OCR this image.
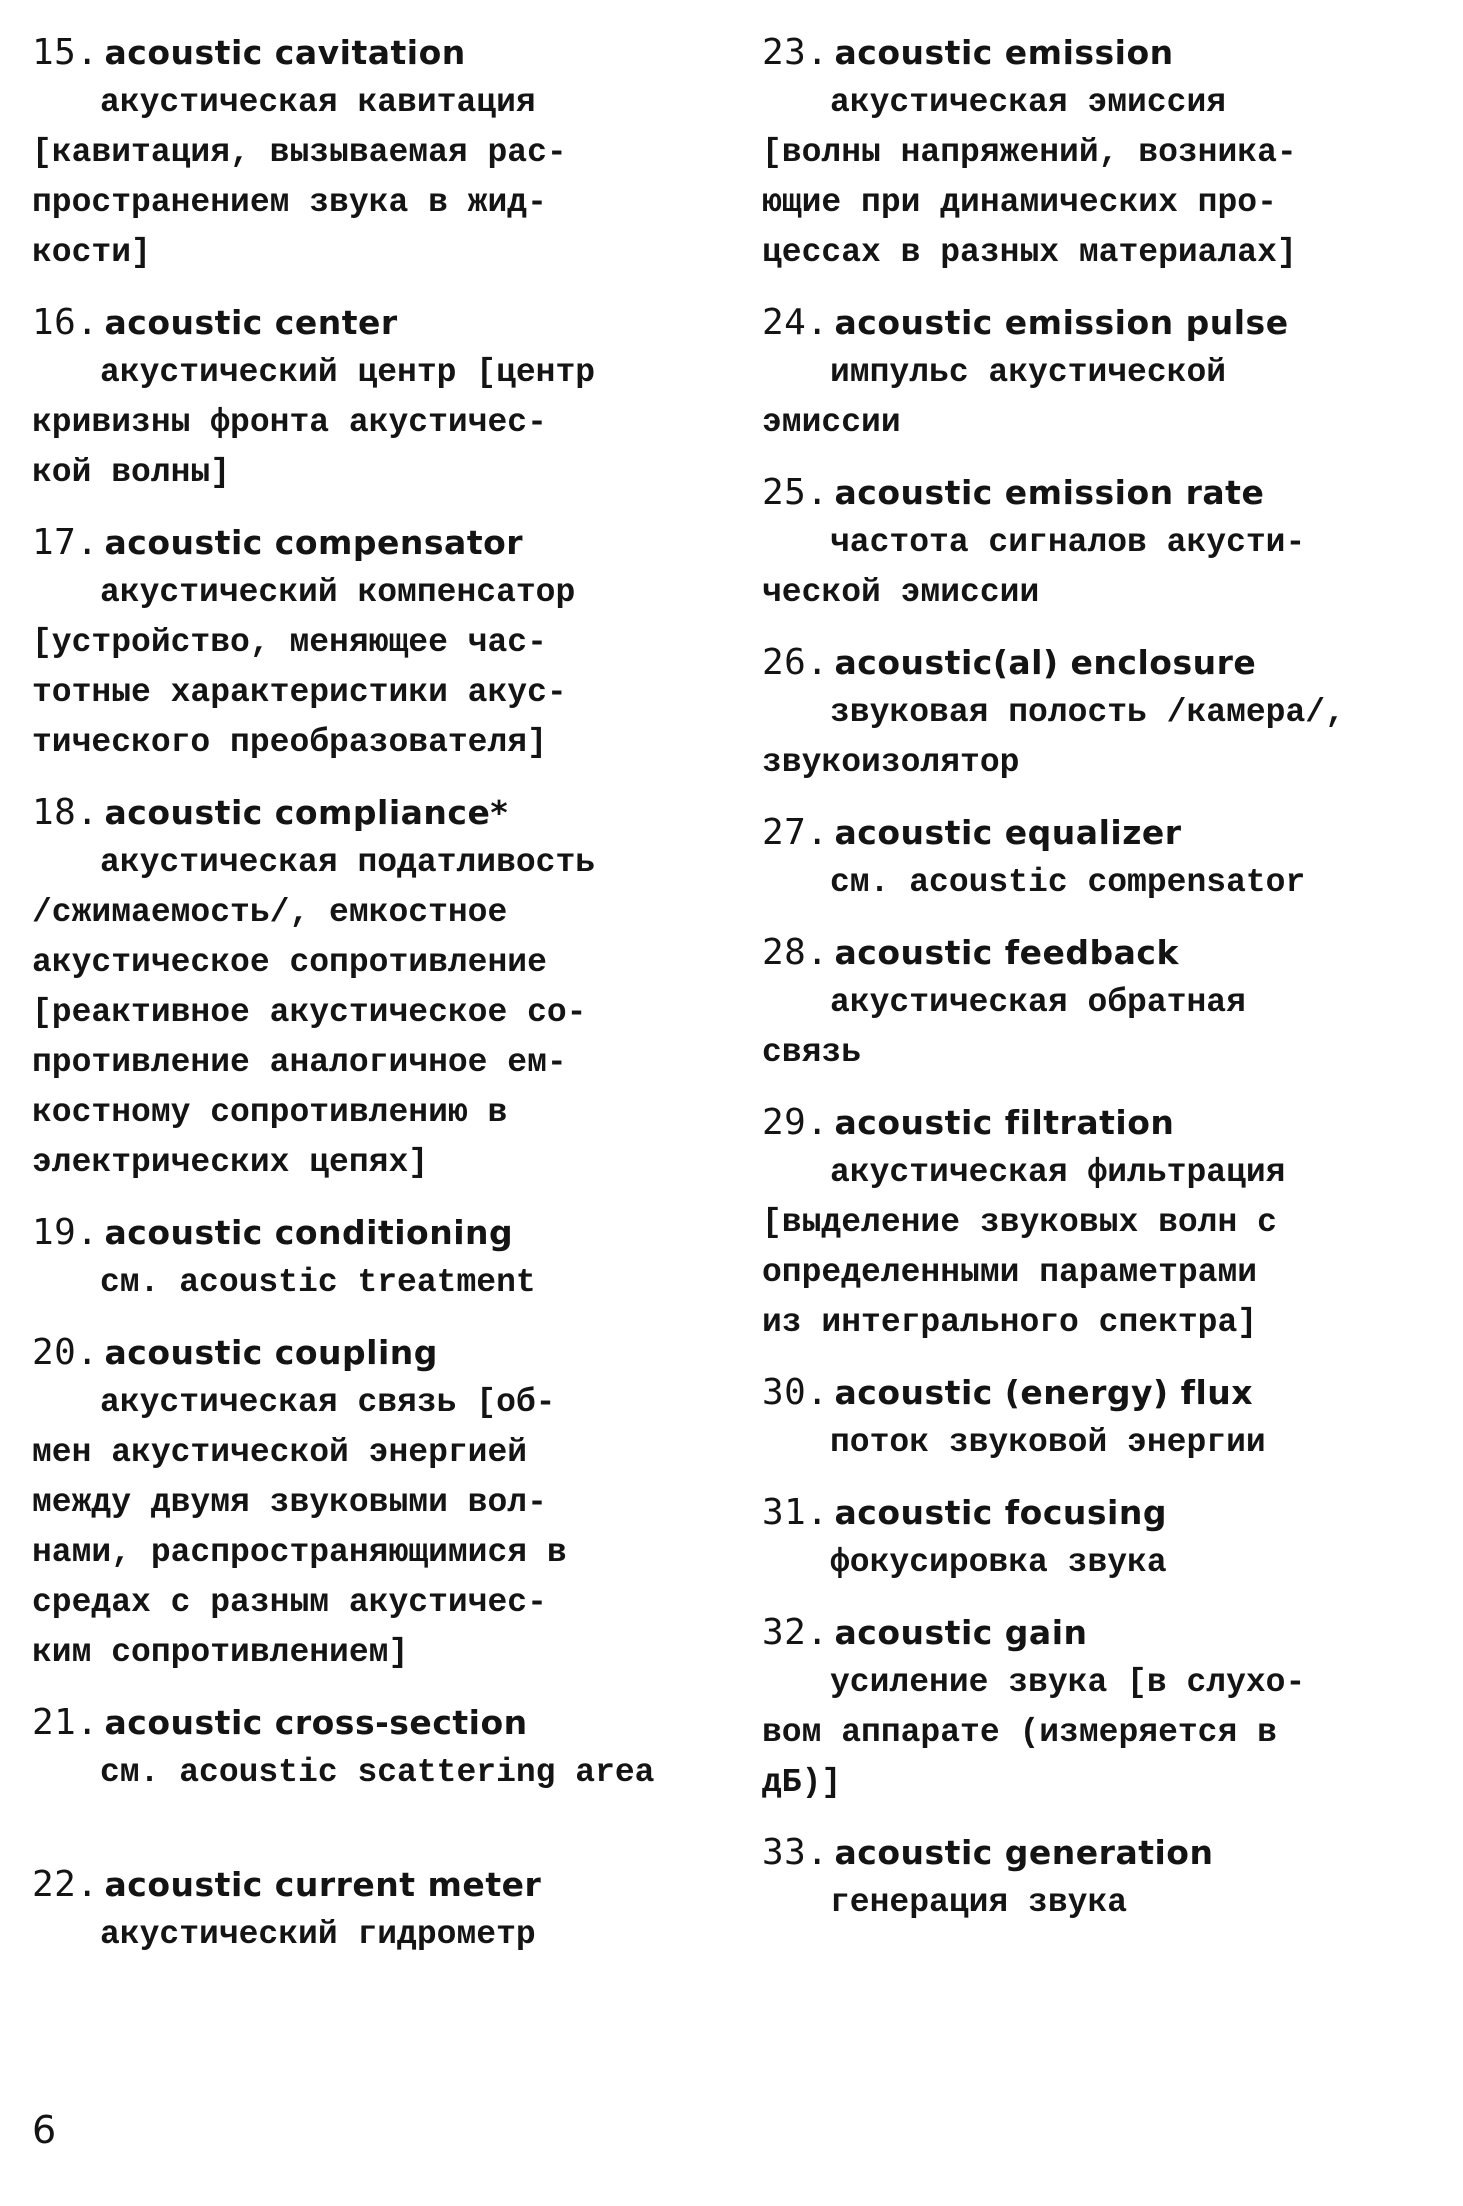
15. acoustic cavitation
акустическая кавитация
[кавитация, вызываемая рас-
пространением звука в жид-
кости]
16. acoustic center
акустический центр [центр
кривизны фронта акустичес-
кой волны]
17. acoustic compensator
акустический компенсатор
[устройство, меняющее час-
тотные характеристики акус-
тического преобразователя]
18. acoustic compliance*
акустическая податливость
/сжимаемость/, емкостное
акустическое сопротивление
[реактивное акустическое со-
противление аналогичное ем-
костному сопротивлению в
электрических цепях]
19. acoustic conditioning
см. acoustic treatment
20. acoustic coupling
акустическая связь [об-
мен акустической энергией
между двумя звуковыми вол-
нами, распространяющимися в
средах с разным акустичес-
ким сопротивлением]
21. acoustic cross-section
см. acoustic scattering area
22. acoustic current meter
акустический гидрометр
23. acoustic emission
акустическая эмиссия
[волны напряжений, возника-
ющие при динамических про-
цессах в разных материалах]
24. acoustic emission pulse
импульс акустической
эмиссии
25. acoustic emission rate
частота сигналов акусти-
ческой эмиссии
26. acoustic(al) enclosure
звуковая полость /камера/,
звукоизолятор
27. acoustic equalizer
см. acoustic compensator
28. acoustic feedback
акустическая обратная
связь
29. acoustic filtration
акустическая фильтрация
[выделение звуковых волн с
определенными параметрами
из интегрального спектра]
30. acoustic (energy) flux
поток звуковой энергии
31. acoustic focusing
фокусировка звука
32. acoustic gain
усиление звука [в слухо-
вом аппарате (измеряется в
дБ)]
33. acoustic generation
генерация звука
6
